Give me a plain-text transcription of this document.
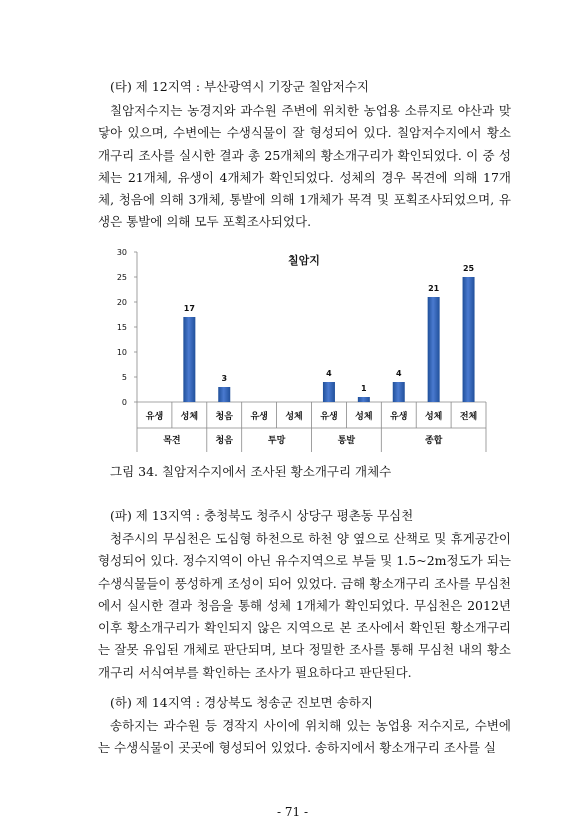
(타) 제 12지역 : 부산광역시 기장군 칠암저수지

칠암저수지는 농경지와 과수원 주변에 위치한 농업용 소류지로 야산과 맞닿아 있으며, 수변에는 수생식물이 잘 형성되어 있다. 칠암저수지에서 황소개구리 조사를 실시한 결과 총 25개체의 황소개구리가 확인되었다. 이 중 성체는 21개체, 유생이 4개체가 확인되었다. 성체의 경우 목견에 의해 17개체, 청음에 의해 3개체, 통발에 의해 1개체가 목격 및 포획조사되었으며, 유생은 통발에 의해 모두 포획조사되었다.

칠암지
17
3
4
1
4
21
25
0
5
10
15
20
25
30
유생 성체 청음 유생 성체 유생 성체 유생 성체 전체
목견	청음	투망	통발	종합
그림 34. 칠암저수지에서 조사된 황소개구리 개체수
(파) 제 13지역 : 충청북도 청주시 상당구 평촌동 무심천

청주시의 무심천은 도심형 하천으로 하천 양 옆으로 산책로 및 휴게공간이 형성되어 있다. 정수지역이 아닌 유수지역으로 부들 및 1.5~2m정도가 되는 수생식물들이 풍성하게 조성이 되어 있었다. 금해 황소개구리 조사를 무심천에서 실시한 결과 청음을 통해 성체 1개체가 확인되었다. 무심천은 2012년 이후 황소개구리가 확인되지 않은 지역으로 본 조사에서 확인된 황소개구리는 잘못 유입된 개체로 판단되며, 보다 정밀한 조사를 통해 무심천 내의 황소개구리 서식여부를 확인하는 조사가 필요하다고 판단된다.

(하) 제 14지역 : 경상북도 청송군 진보면 송하지

송하지는 과수원 등 경작지 사이에 위치해 있는 농업용 저수지로, 수변에는 수생식물이 곳곳에 형성되어 있었다. 송하지에서 황소개구리 조사를 실

- 71 -
